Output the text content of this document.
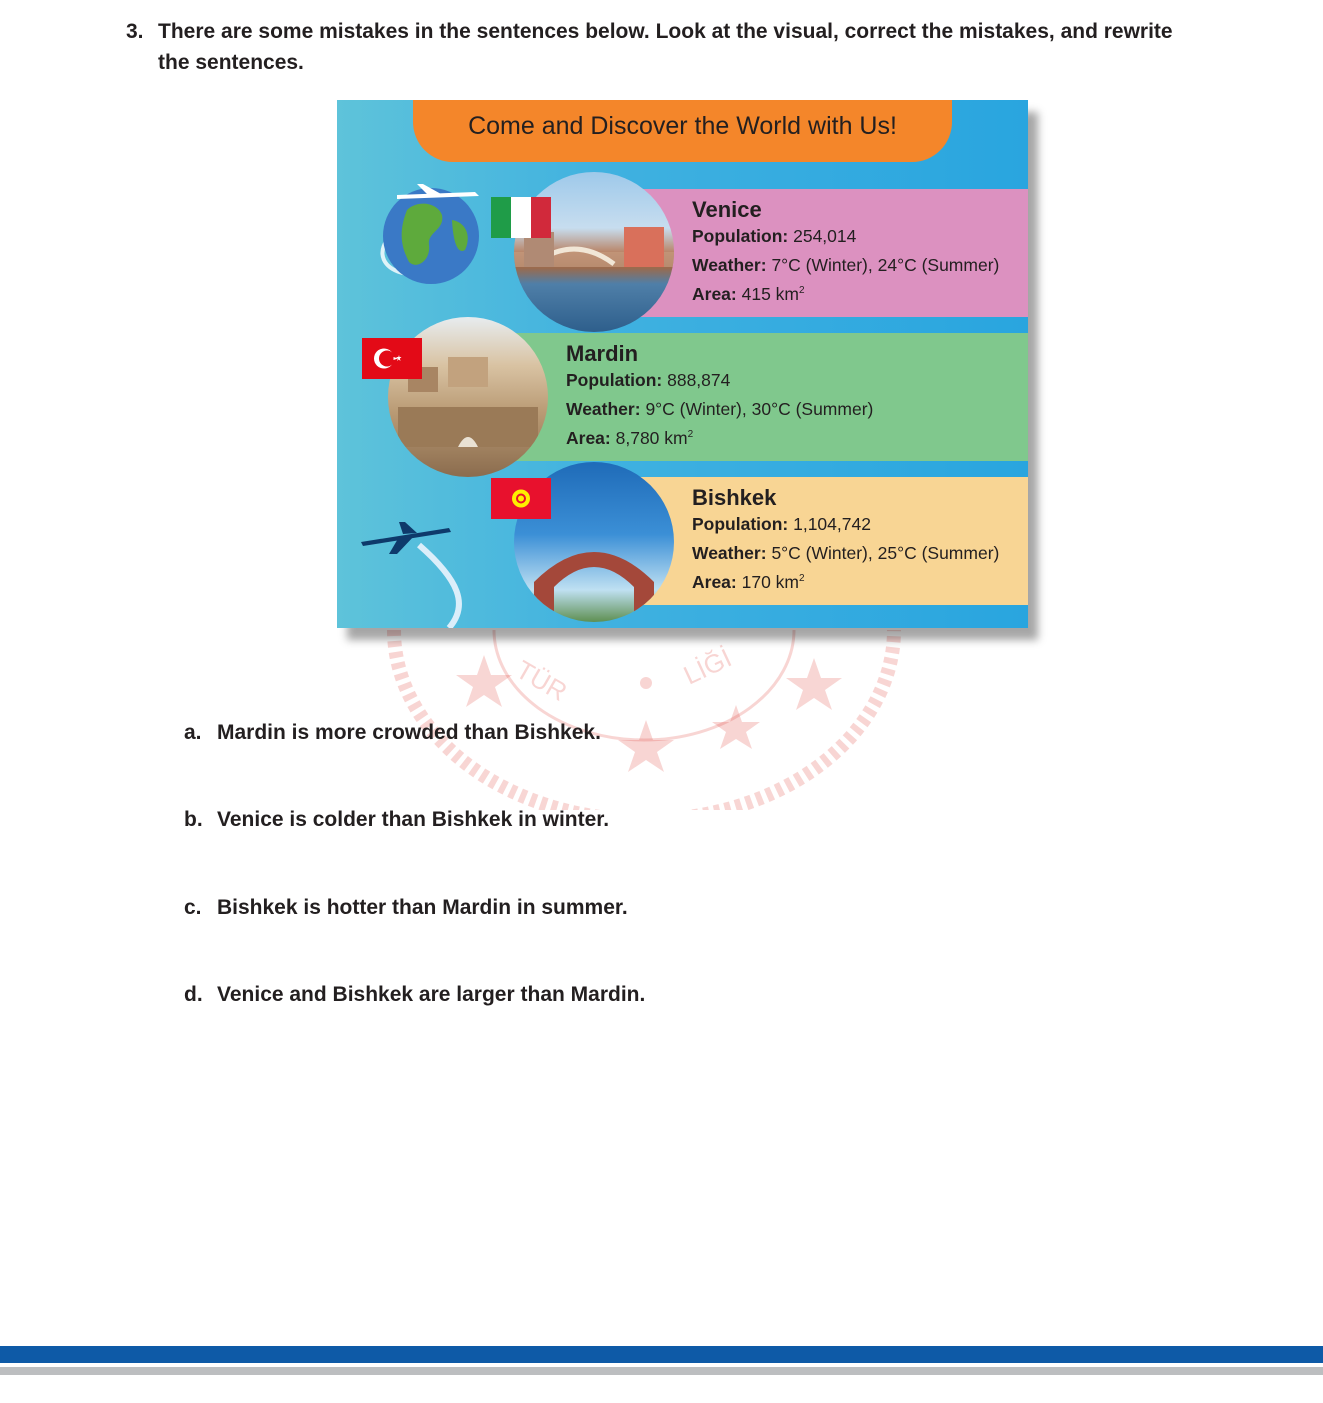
3. There are some mistakes in the sentences below. Look at the visual, correct the mistakes, and rewrite the sentences.
TÜR	LİĞİ
Come and Discover the World with Us!
Venice
Population: 254,014
Weather: 7°C (Winter), 24°C (Summer)
Area: 415 $km^2$
Mardin
Population: 888,874
Weather: 9°C (Winter), 30°C (Summer)
Area: 8,780 $km^2$
Bishkek
Population: 1,104,742
Weather: 5°C (Winter), 25°C (Summer)
Area: 170 $km^2$
a. Mardin is more crowded than Bishkek.
b. Venice is colder than Bishkek in winter.
c. Bishkek is hotter than Mardin in summer.
d. Venice and Bishkek are larger than Mardin.
